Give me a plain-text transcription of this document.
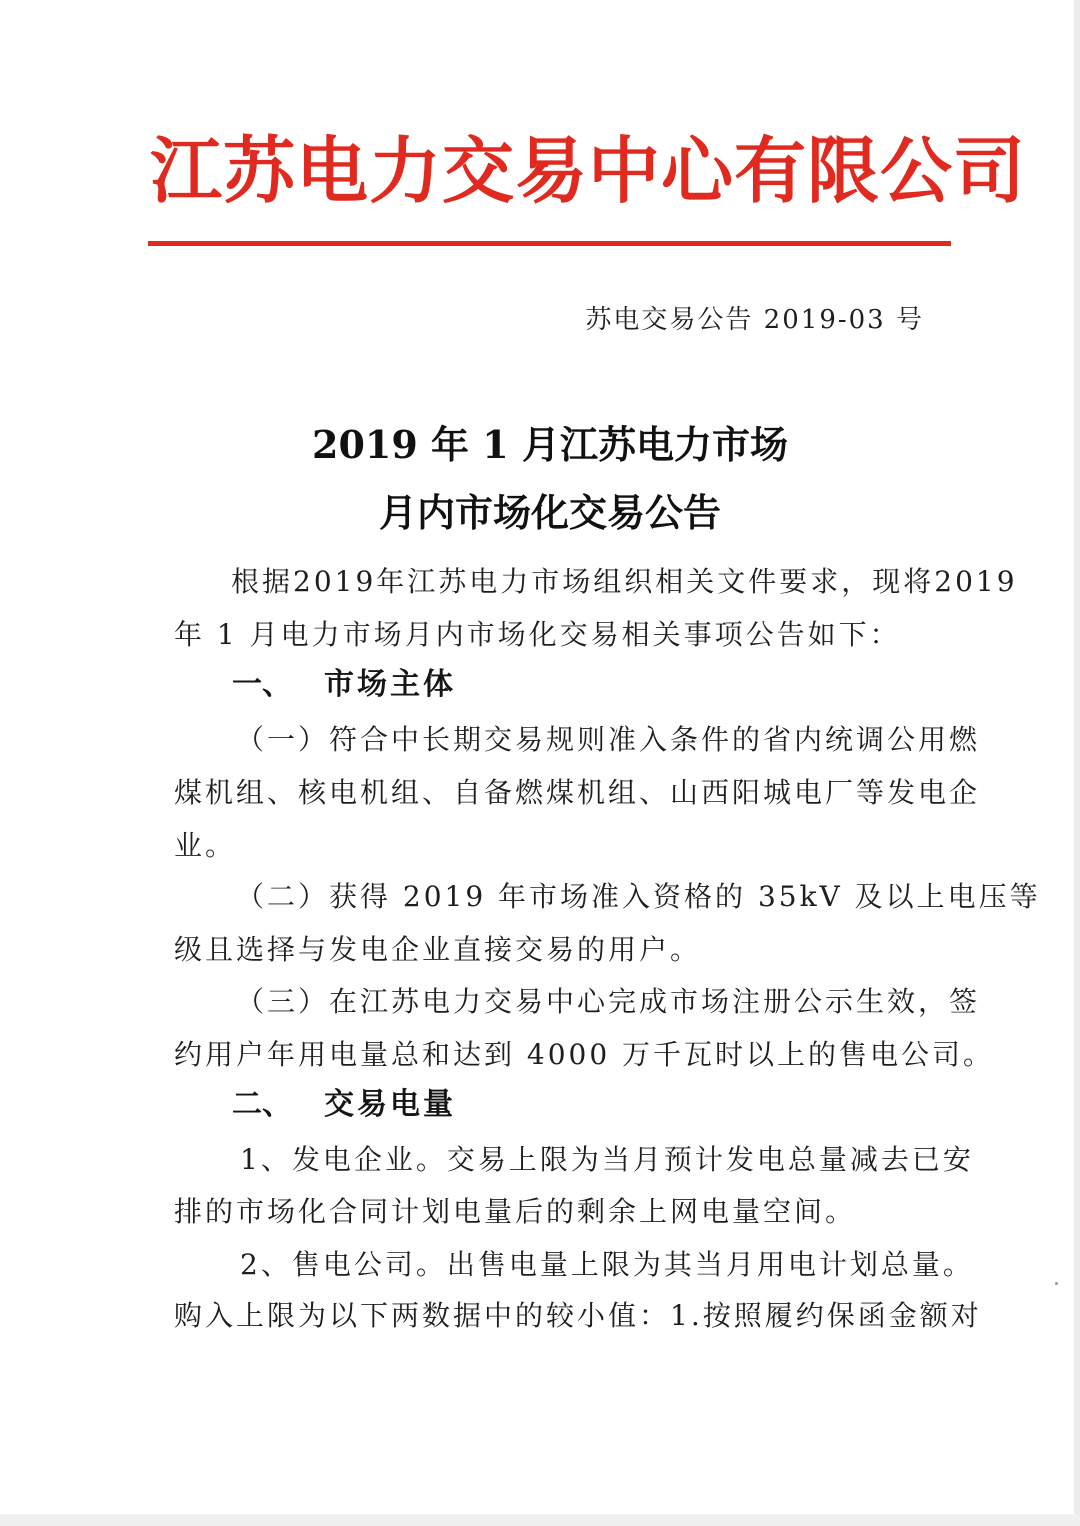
江苏电力交易中心有限公司
苏电交易公告 2019-03 号
2019 年 1 月江苏电力市场
月内市场化交易公告
根据2019年江苏电力市场组织相关文件要求，现将2019
年 1 月电力市场月内市场化交易相关事项公告如下：
一、 市场主体
（一）符合中长期交易规则准入条件的省内统调公用燃
煤机组、核电机组、自备燃煤机组、山西阳城电厂等发电企
业。
（二）获得 2019 年市场准入资格的 35kV 及以上电压等
级且选择与发电企业直接交易的用户。
（三）在江苏电力交易中心完成市场注册公示生效，签
约用户年用电量总和达到 4000 万千瓦时以上的售电公司。
二、 交易电量
1、发电企业。交易上限为当月预计发电总量减去已安
排的市场化合同计划电量后的剩余上网电量空间。
2、售电公司。出售电量上限为其当月用电计划总量。
购入上限为以下两数据中的较小值：1.按照履约保函金额对
